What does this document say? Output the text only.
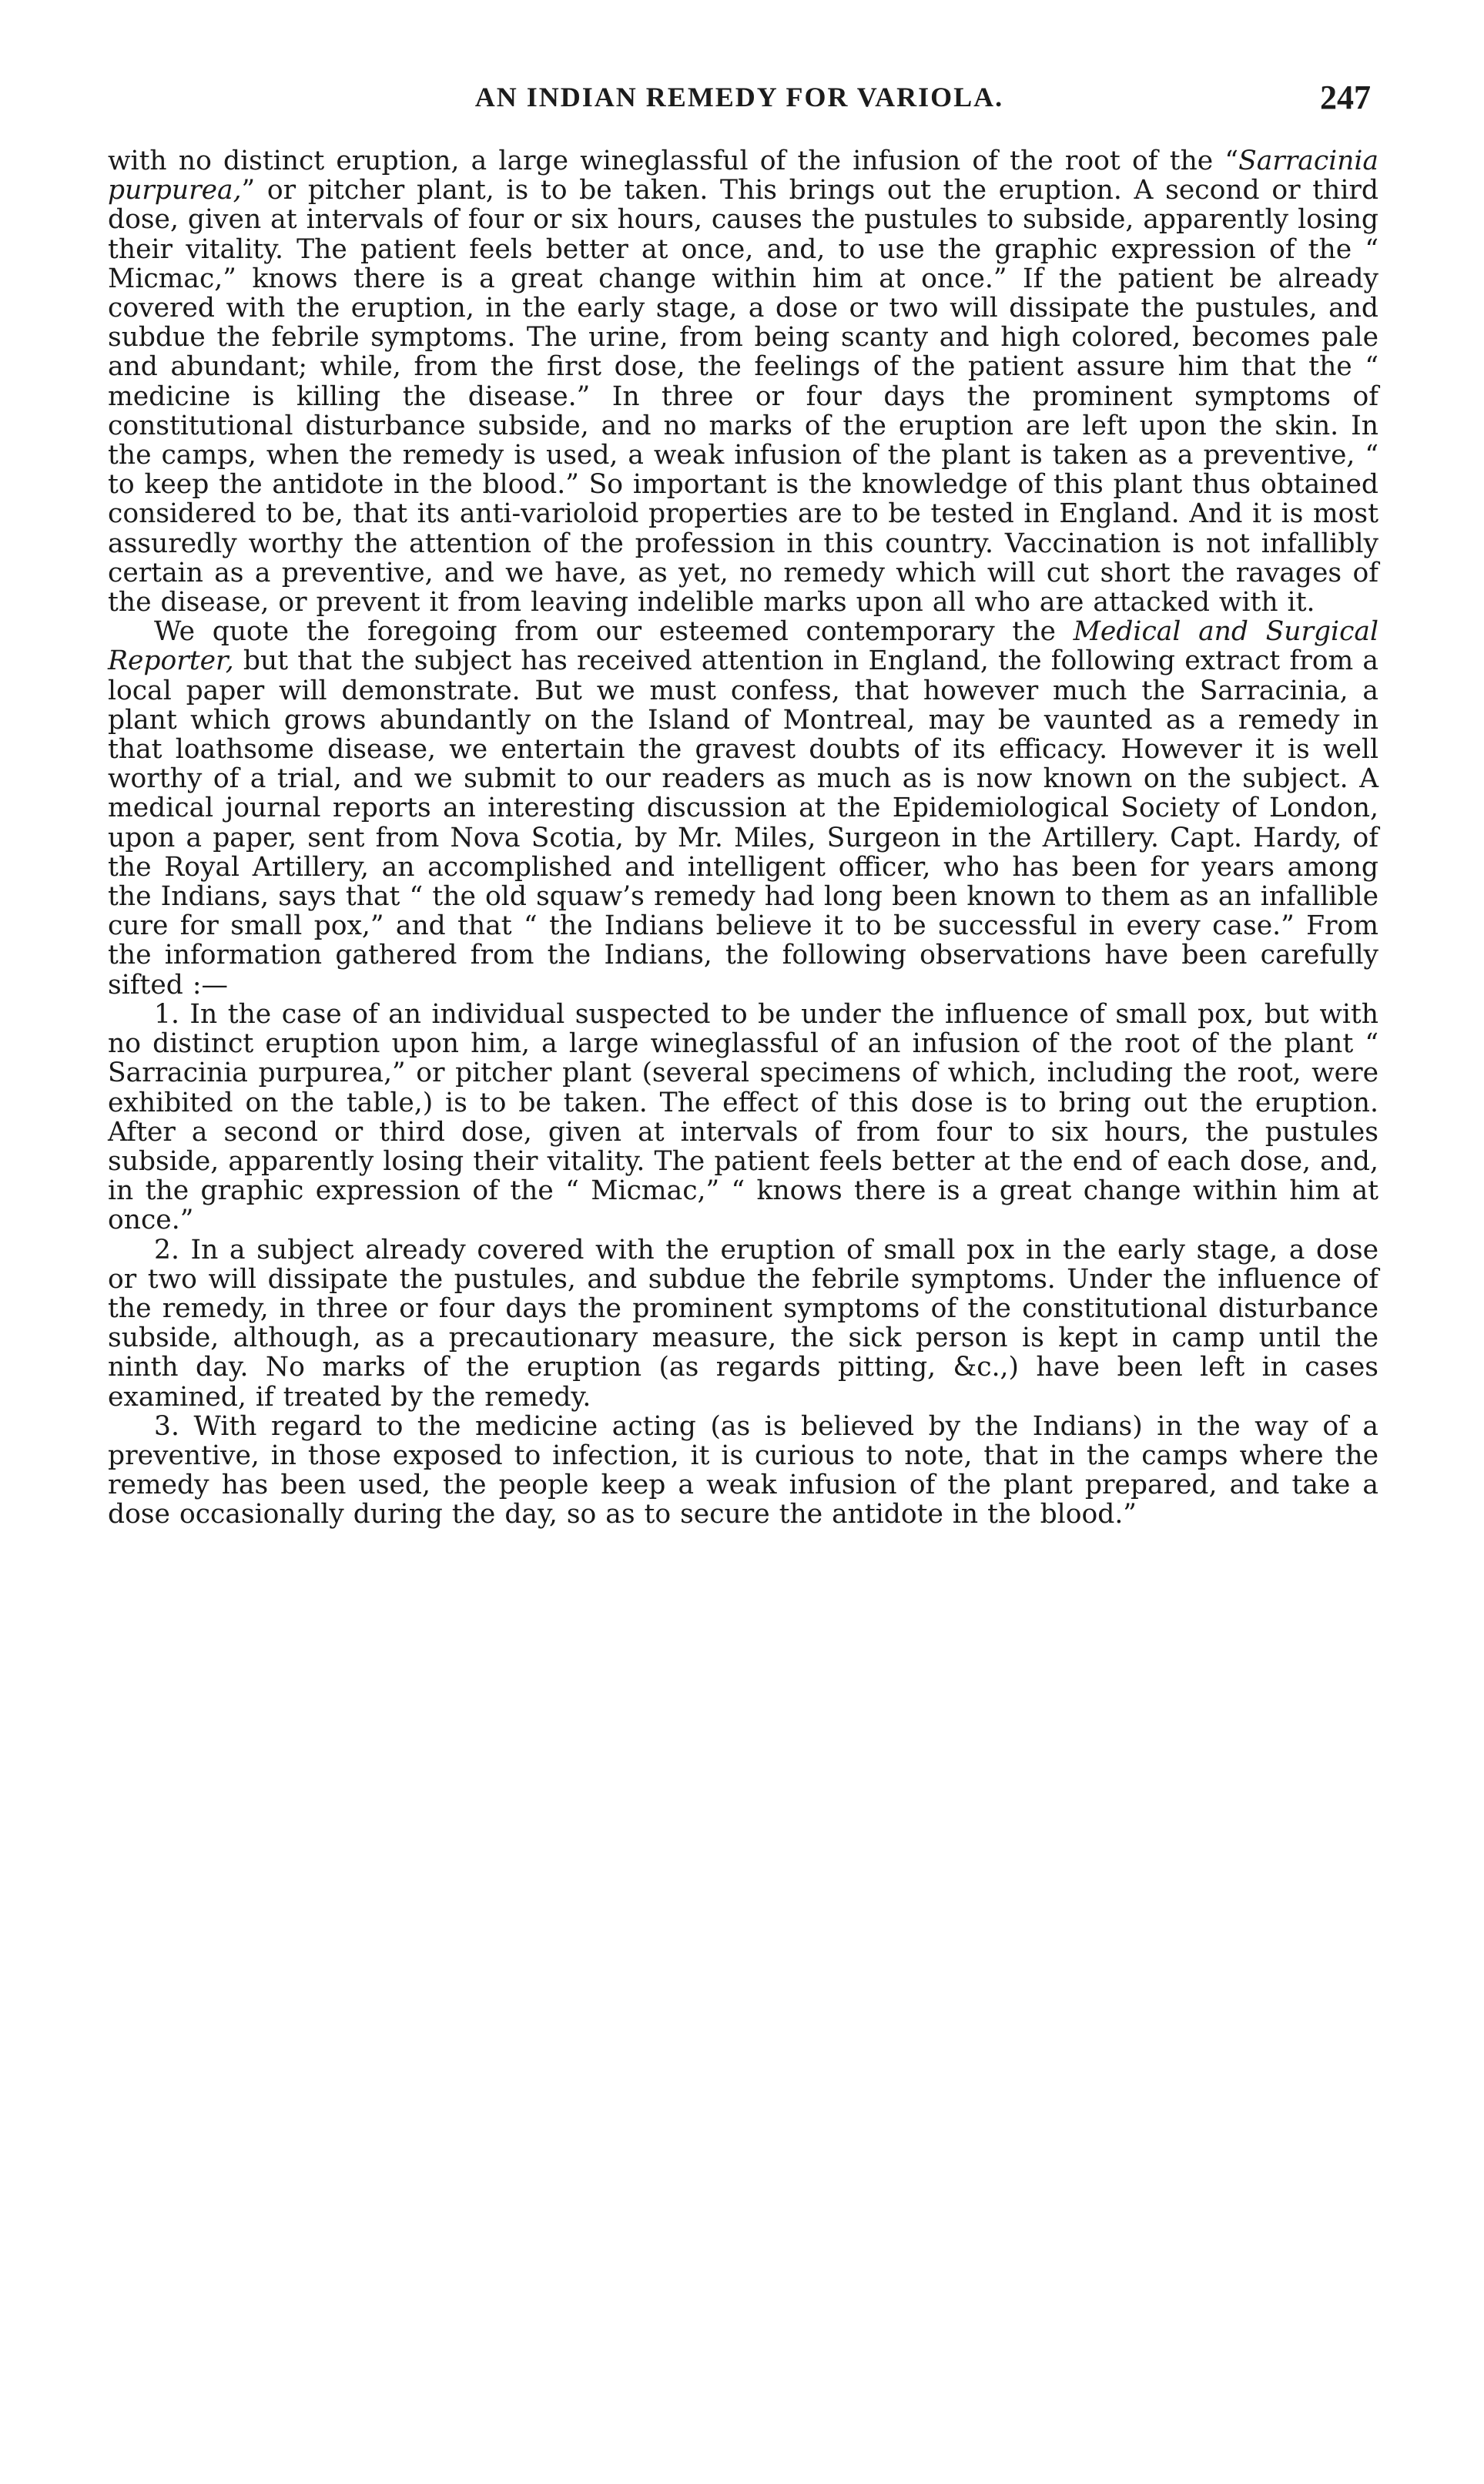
AN INDIAN REMEDY FOR VARIOLA.	247

with no distinct eruption, a large wineglassful of the infusion of the root of the “Sarracinia purpurea,” or pitcher plant, is to be taken. This brings out the eruption. A second or third dose, given at intervals of four or six hours, causes the pustules to subside, apparently losing their vitality. The patient feels better at once, and, to use the graphic expression of the “ Micmac,” knows there is a great change within him at once.” If the patient be already covered with the eruption, in the early stage, a dose or two will dissipate the pustules, and subdue the febrile symptoms. The urine, from being scanty and high colored, becomes pale and abundant; while, from the first dose, the feelings of the patient assure him that the “ medicine is killing the disease.” In three or four days the prominent symptoms of constitutional disturbance subside, and no marks of the eruption are left upon the skin. In the camps, when the remedy is used, a weak infusion of the plant is taken as a preventive, “ to keep the antidote in the blood.” So important is the knowledge of this plant thus obtained considered to be, that its anti-varioloid properties are to be tested in England. And it is most assuredly worthy the attention of the profession in this country. Vaccination is not infallibly certain as a preventive, and we have, as yet, no remedy which will cut short the ravages of the disease, or prevent it from leaving indelible marks upon all who are attacked with it.

We quote the foregoing from our esteemed contemporary the Medical and Surgical Reporter, but that the subject has received attention in England, the following extract from a local paper will demonstrate. But we must confess, that however much the Sarracinia, a plant which grows abundantly on the Island of Montreal, may be vaunted as a remedy in that loathsome disease, we entertain the gravest doubts of its efficacy. However it is well worthy of a trial, and we submit to our readers as much as is now known on the subject. A medical journal reports an interesting discussion at the Epidemiological Society of London, upon a paper, sent from Nova Scotia, by Mr. Miles, Surgeon in the Artillery. Capt. Hardy, of the Royal Artillery, an accomplished and intelligent officer, who has been for years among the Indians, says that “ the old squaw’s remedy had long been known to them as an infallible cure for small pox,” and that “ the Indians believe it to be successful in every case.” From the information gathered from the Indians, the following observations have been carefully sifted :—

1. In the case of an individual suspected to be under the influence of small pox, but with no distinct eruption upon him, a large wineglassful of an infusion of the root of the plant “ Sarracinia purpurea,” or pitcher plant (several specimens of which, including the root, were exhibited on the table,) is to be taken. The effect of this dose is to bring out the eruption. After a second or third dose, given at intervals of from four to six hours, the pustules subside, apparently losing their vitality. The patient feels better at the end of each dose, and, in the graphic expression of the “ Micmac,” “ knows there is a great change within him at once.”

2. In a subject already covered with the eruption of small pox in the early stage, a dose or two will dissipate the pustules, and subdue the febrile symptoms. Under the influence of the remedy, in three or four days the prominent symptoms of the constitutional disturbance subside, although, as a precautionary measure, the sick person is kept in camp until the ninth day. No marks of the eruption (as regards pitting, &c.,) have been left in cases examined, if treated by the remedy.

3. With regard to the medicine acting (as is believed by the Indians) in the way of a preventive, in those exposed to infection, it is curious to note, that in the camps where the remedy has been used, the people keep a weak infusion of the plant prepared, and take a dose occasionally during the day, so as to secure the antidote in the blood.”
